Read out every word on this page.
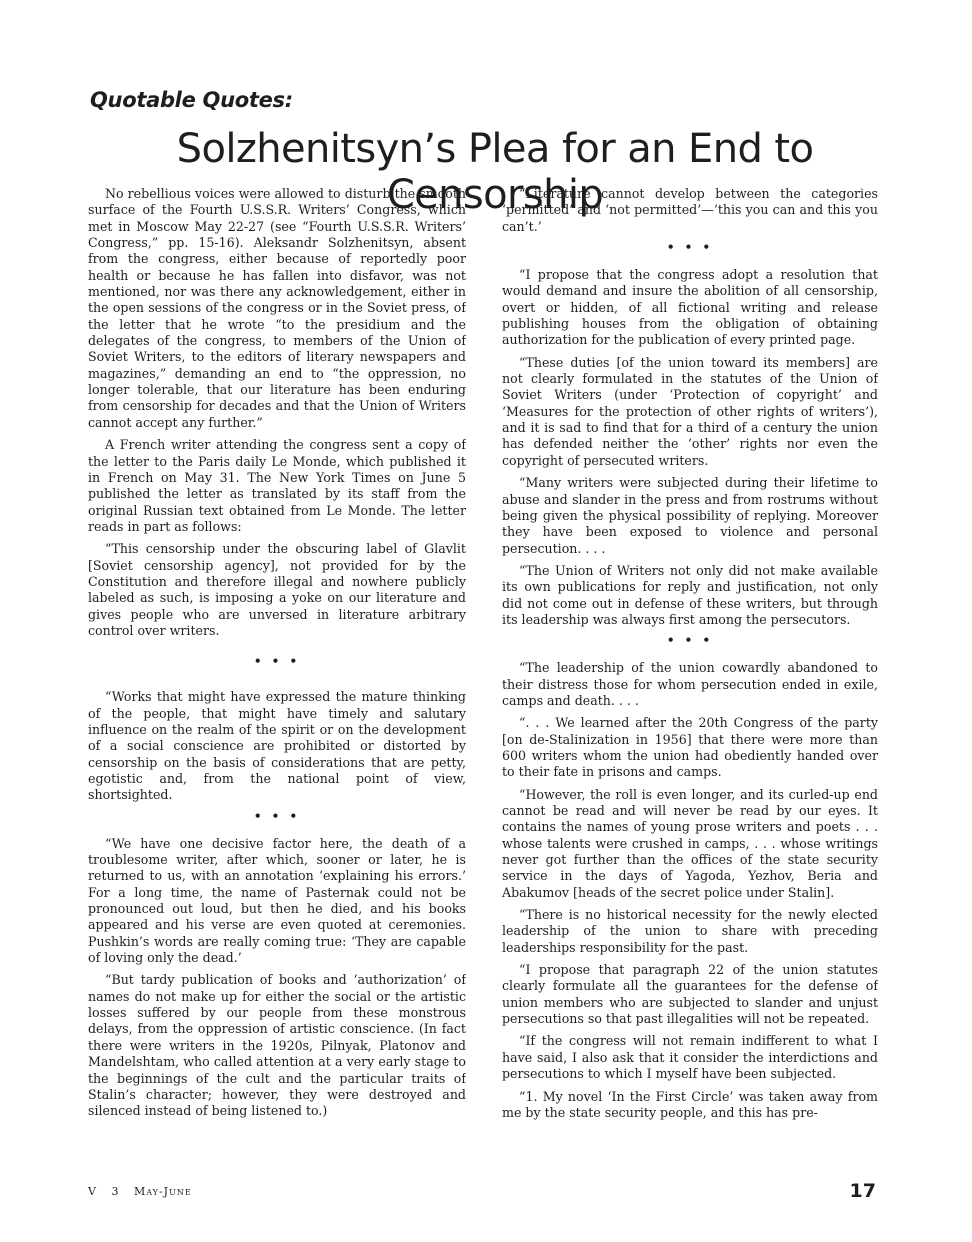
Quotable Quotes:
Solzhenitsyn’s Plea for an End to Censorship

No rebellious voices were allowed to disturb the smooth surface of the Fourth U.S.S.R. Writers’ Congress, which met in Moscow May 22-27 (see “Fourth U.S.S.R. Writers’ Congress,” pp. 15-16). Aleksandr Solzhenitsyn, absent from the congress, either because of reportedly poor health or because he has fallen into disfavor, was not mentioned, nor was there any acknowledgement, either in the open sessions of the congress or in the Soviet press, of the letter that he wrote “to the presidium and the delegates of the congress, to members of the Union of Soviet Writers, to the editors of literary newspapers and magazines,” demanding an end to “the oppression, no longer tolerable, that our literature has been enduring from censorship for decades and that the Union of Writers cannot accept any further.”

A French writer attending the congress sent a copy of the letter to the Paris daily Le Monde, which published it in French on May 31. The New York Times on June 5 published the letter as translated by its staff from the original Russian text obtained from Le Monde. The letter reads in part as follows:

“This censorship under the obscuring label of Glavlit [Soviet censorship agency], not provided for by the Constitution and therefore illegal and nowhere publicly labeled as such, is imposing a yoke on our literature and gives people who are unversed in literature arbitrary control over writers.

• • •

“Works that might have expressed the mature thinking of the people, that might have timely and salutary influence on the realm of the spirit or on the development of a social conscience are prohibited or distorted by censorship on the basis of considerations that are petty, egotistic and, from the national point of view, shortsighted.

• • •

“We have one decisive factor here, the death of a troublesome writer, after which, sooner or later, he is returned to us, with an annotation ‘explaining his errors.’ For a long time, the name of Pasternak could not be pronounced out loud, but then he died, and his books appeared and his verse are even quoted at ceremonies. Pushkin’s words are really coming true: ‘They are capable of loving only the dead.’

“But tardy publication of books and ‘authorization’ of names do not make up for either the social or the artistic losses suffered by our people from these monstrous delays, from the oppression of artistic conscience. (In fact there were writers in the 1920s, Pilnyak, Platonov and Mandelshtam, who called attention at a very early stage to the beginnings of the cult and the particular traits of Stalin’s character; however, they were destroyed and silenced instead of being listened to.)

“Literature cannot develop between the categories ‘permitted’ and ‘not permitted’—‘this you can and this you can’t.’

• • •

“I propose that the congress adopt a resolution that would demand and insure the abolition of all censorship, overt or hidden, of all fictional writing and release publishing houses from the obligation of obtaining authorization for the publication of every printed page.

“These duties [of the union toward its members] are not clearly formulated in the statutes of the Union of Soviet Writers (under ‘Protection of copyright’ and ‘Measures for the protection of other rights of writers’), and it is sad to find that for a third of a century the union has defended neither the ‘other’ rights nor even the copyright of persecuted writers.

“Many writers were subjected during their lifetime to abuse and slander in the press and from rostrums without being given the physical possibility of replying. Moreover they have been exposed to violence and personal persecution. . . .

“The Union of Writers not only did not make available its own publications for reply and justification, not only did not come out in defense of these writers, but through its leadership was always first among the persecutors.

• • •

“The leadership of the union cowardly abandoned to their distress those for whom persecution ended in exile, camps and death. . . .

“. . . We learned after the 20th Congress of the party [on de-Stalinization in 1956] that there were more than 600 writers whom the union had obediently handed over to their fate in prisons and camps.

“However, the roll is even longer, and its curled-up end cannot be read and will never be read by our eyes. It contains the names of young prose writers and poets . . . whose talents were crushed in camps, . . . whose writings never got further than the offices of the state security service in the days of Yagoda, Yezhov, Beria and Abakumov [heads of the secret police under Stalin].

“There is no historical necessity for the newly elected leadership of the union to share with preceding leaderships responsibility for the past.

“I propose that paragraph 22 of the union statutes clearly formulate all the guarantees for the defense of union members who are subjected to slander and unjust persecutions so that past illegalities will not be repeated.

“If the congress will not remain indifferent to what I have said, I also ask that it consider the interdictions and persecutions to which I myself have been subjected.

“1. My novel ‘In the First Circle’ was taken away from me by the state security people, and this has pre-

V 3 May-June	17
